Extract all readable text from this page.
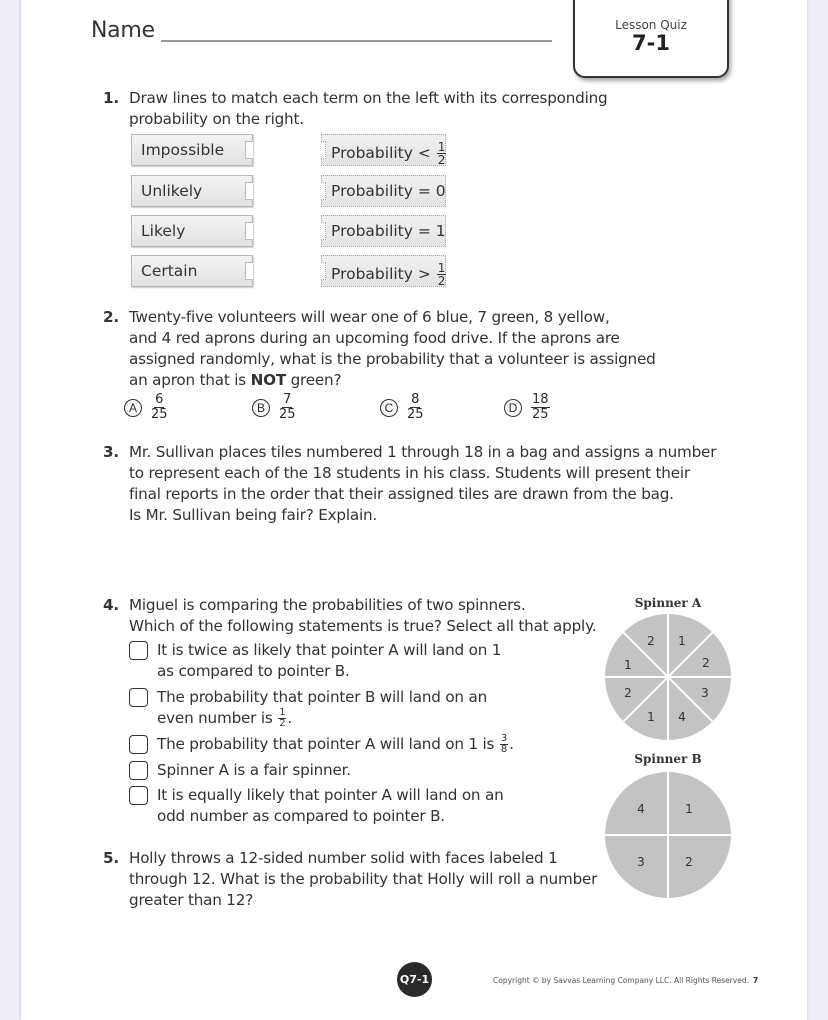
Name	Lesson Quiz
7-1
1. Draw lines to match each term on the left with its corresponding
probability on the right.
Impossible
Unlikely
Likely
Certain
Probability < $\frac{1}{2}$
Probability = 0
Probability = 1
Probability > $\frac{1}{2}$
2. Twenty-five volunteers will wear one of 6 blue, 7 green, 8 yellow,
and 4 red aprons during an upcoming food drive. If the aprons are
assigned randomly, what is the probability that a volunteer is assigned
an apron that is NOT green?
A	$\frac{6}{25}$	B	$\frac{7}{25}$	C	$\frac{8}{25}$	D	$\frac{18}{25}$
3. Mr. Sullivan places tiles numbered 1 through 18 in a bag and assigns a number
to represent each of the 18 students in his class. Students will present their
final reports in the order that their assigned tiles are drawn from the bag.
Is Mr. Sullivan being fair? Explain.
4. Miguel is comparing the probabilities of two spinners.
Which of the following statements is true? Select all that apply.
It is twice as likely that pointer A will land on 1
as compared to pointer B.
The probability that pointer B will land on an
even number is $\frac{1}{2}$ .
The probability that pointer A will land on 1 is $\frac{3}{8}$ .
Spinner A is a fair spinner.
It is equally likely that pointer A will land on an
odd number as compared to pointer B.
Spinner A
1
2
3
4
1
2
1
2
Spinner B
1
2
3
4
5. Holly throws a 12-sided number solid with faces labeled 1
through 12. What is the probability that Holly will roll a number
greater than 12?
Q7-1	Copyright © by Savvas Learning Company LLC. All Rights Reserved. 7
